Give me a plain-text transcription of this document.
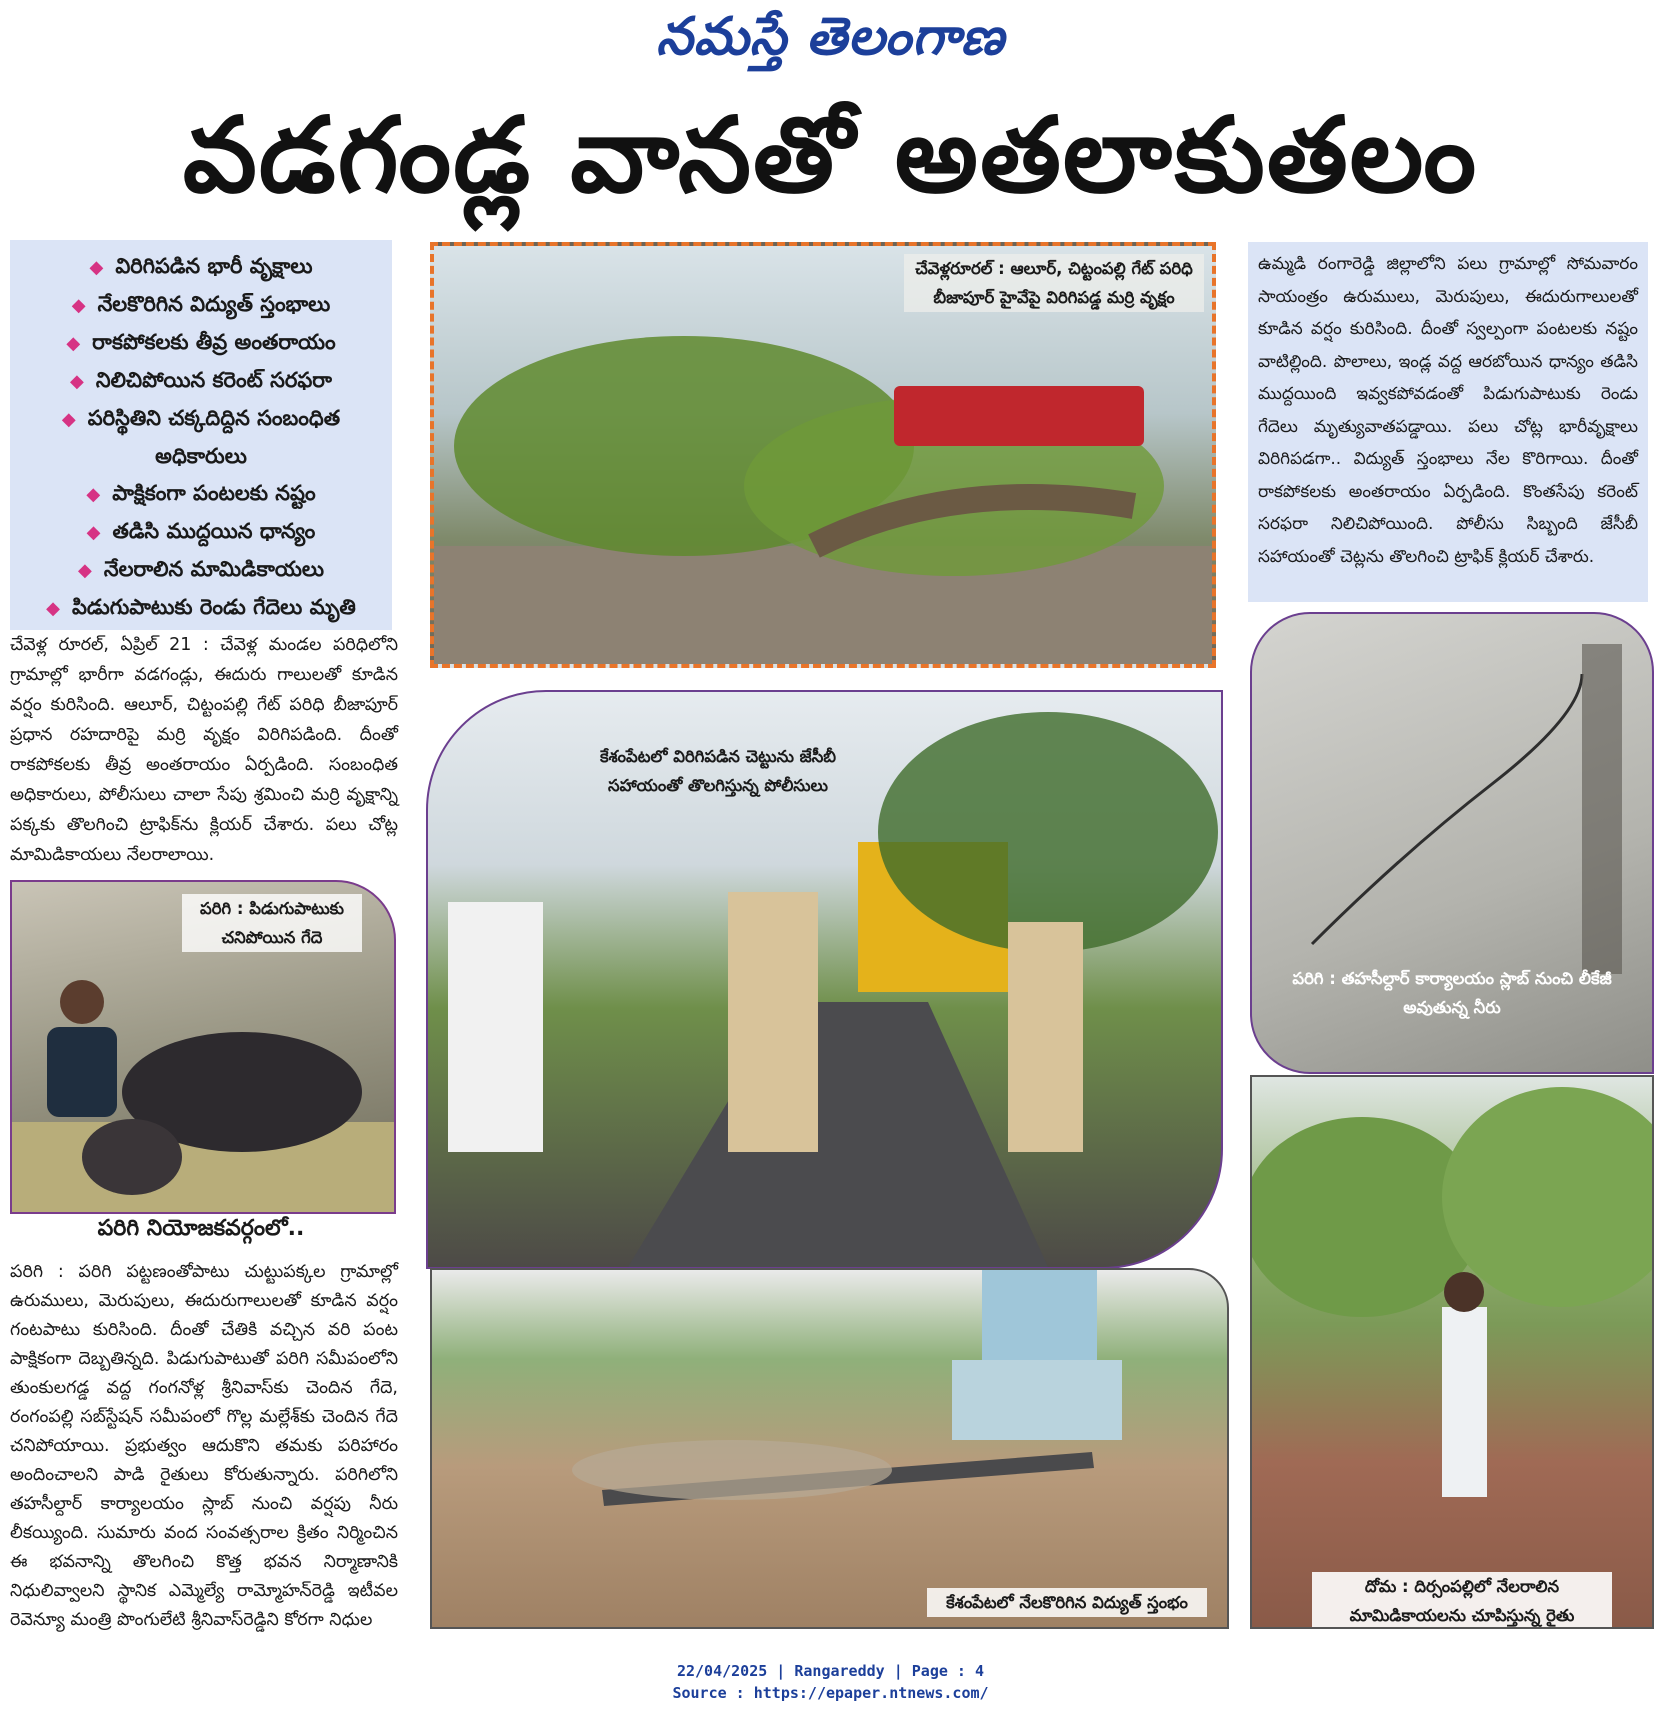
నమస్తే తెలంగాణ
వడగండ్ల వానతో అతలాకుతలం
◆ విరిగిపడిన భారీ వృక్షాలు
◆ నేలకొరిగిన విద్యుత్ స్తంభాలు
◆ రాకపోకలకు తీవ్ర అంతరాయం
◆ నిలిచిపోయిన కరెంట్ సరఫరా
◆ పరిస్థితిని చక్కదిద్దిన సంబంధిత అధికారులు
◆ పాక్షికంగా పంటలకు నష్టం
◆ తడిసి ముద్దయిన ధాన్యం
◆ నేలరాలిన మామిడికాయలు
◆ పిడుగుపాటుకు రెండు గేదెలు మృతి
చేవెళ్ల రూరల్, ఏప్రిల్ 21 : చేవెళ్ల మండల పరిధిలోని గ్రామాల్లో భారీగా వడగండ్లు, ఈదురు గాలులతో కూడిన వర్షం కురిసింది. ఆలూర్, చిట్టంపల్లి గేట్ పరిధి బీజాపూర్ ప్రధాన రహదారిపై మర్రి వృక్షం విరిగిపడింది. దీంతో రాకపోకలకు తీవ్ర అంతరాయం ఏర్పడింది. సంబంధిత అధికారులు, పోలీసులు చాలా సేపు శ్రమించి మర్రి వృక్షాన్ని పక్కకు తొలగించి ట్రాఫిక్‌ను క్లియర్ చేశారు. పలు చోట్ల మామిడికాయలు నేలరాలాయి.
పరిగి : పిడుగుపాటుకు చనిపోయిన గేదె
పరిగి నియోజకవర్గంలో..
పరిగి : పరిగి పట్టణంతోపాటు చుట్టుపక్కల గ్రామాల్లో ఉరుములు, మెరుపులు, ఈదురుగాలులతో కూడిన వర్షం గంటపాటు కురిసింది. దీంతో చేతికి వచ్చిన వరి పంట పాక్షికంగా దెబ్బతిన్నది. పిడుగుపాటుతో పరిగి సమీపంలోని తుంకులగడ్డ వద్ద గంగనోళ్ల శ్రీనివాస్‌కు చెందిన గేదె, రంగంపల్లి సబ్‌స్టేషన్ సమీపంలో గొల్ల మల్లేశ్‌కు చెందిన గేదె చనిపోయాయి. ప్రభుత్వం ఆదుకొని తమకు పరిహారం అందించాలని పాడి రైతులు కోరుతున్నారు. పరిగిలోని తహసీల్దార్ కార్యాలయం స్లాబ్ నుంచి వర్షపు నీరు లీకయ్యింది. సుమారు వంద సంవత్సరాల క్రితం నిర్మించిన ఈ భవనాన్ని తొలగించి కొత్త భవన నిర్మాణానికి నిధులివ్వాలని స్థానిక ఎమ్మెల్యే రామ్మోహన్‌రెడ్డి ఇటీవల రెవెన్యూ మంత్రి పొంగులేటి శ్రీనివాస్‌రెడ్డిని కోరగా నిధుల
చేవెళ్లరూరల్ : ఆలూర్, చిట్టంపల్లి గేట్ పరిధి బీజాపూర్ హైవేపై విరిగిపడ్డ మర్రి వృక్షం
కేశంపేటలో విరిగిపడిన చెట్టును జేసీబీ సహాయంతో తొలగిస్తున్న పోలీసులు
కేశంపేటలో నేలకొరిగిన విద్యుత్ స్తంభం
ఉమ్మడి రంగారెడ్డి జిల్లాలోని పలు గ్రామాల్లో సోమవారం సాయంత్రం ఉరుములు, మెరుపులు, ఈదురుగాలులతో కూడిన వర్షం కురిసింది. దీంతో స్వల్పంగా పంటలకు నష్టం వాటిల్లింది. పొలాలు, ఇండ్ల వద్ద ఆరబోయిన ధాన్యం తడిసి ముద్దయింది ఇవ్వకపోవడంతో పిడుగుపాటుకు రెండు గేదెలు మృత్యువాతపడ్డాయి. పలు చోట్ల భారీవృక్షాలు విరిగిపడగా.. విద్యుత్ స్తంభాలు నేల కొరిగాయి. దీంతో రాకపోకలకు అంతరాయం ఏర్పడింది. కొంతసేపు కరెంట్ సరఫరా నిలిచిపోయింది. పోలీసు సిబ్బంది జేసీబీ సహాయంతో చెట్లను తొలగించి ట్రాఫిక్ క్లియర్ చేశారు.
పరిగి : తహసీల్దార్ కార్యాలయం స్లాబ్ నుంచి లీకేజీ అవుతున్న నీరు
దోమ : దిర్సంపల్లిలో నేలరాలిన మామిడికాయలను చూపిస్తున్న రైతు
22/04/2025 | Rangareddy | Page : 4
Source : https://epaper.ntnews.com/
